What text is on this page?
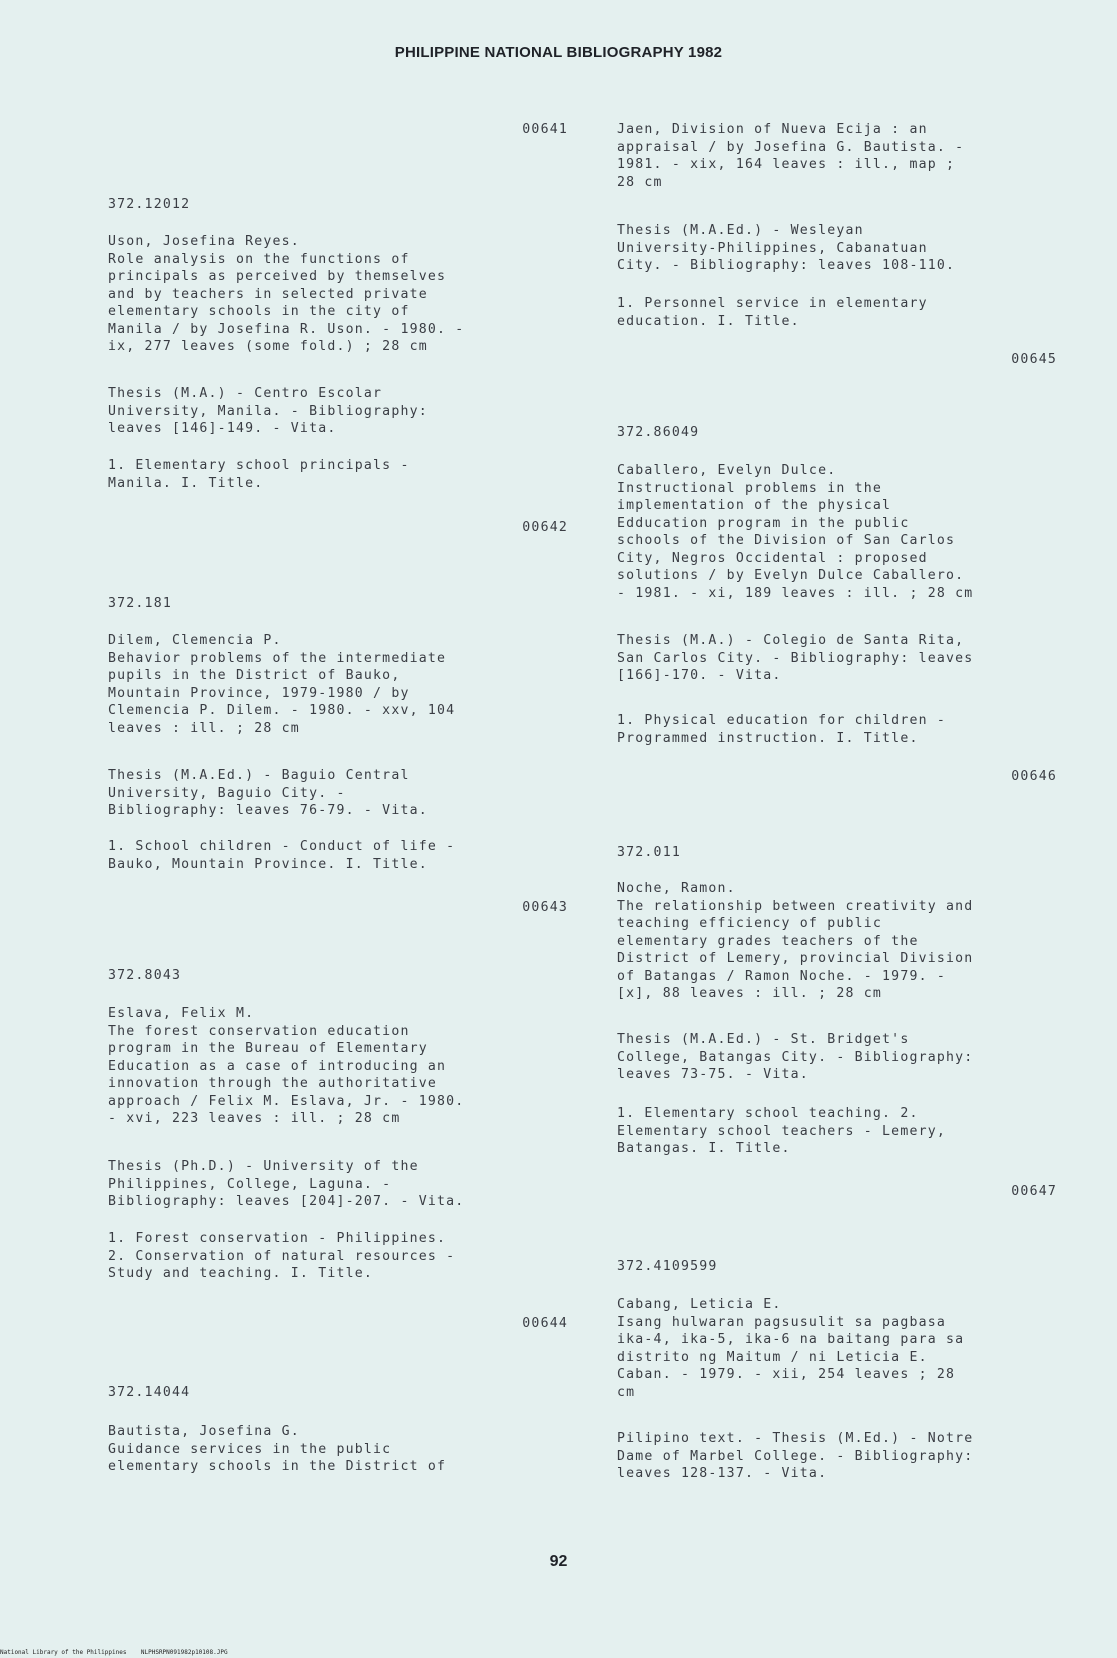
PHILIPPINE NATIONAL BIBLIOGRAPHY 1982
00641
372.12012
Uson, Josefina Reyes.
Role analysis on the functions of
principals as perceived by themselves
and by teachers in selected private
elementary schools in the city of
Manila / by Josefina R. Uson. - 1980. -
ix, 277 leaves (some fold.) ; 28 cm
Thesis (M.A.) - Centro Escolar
University, Manila. - Bibliography:
leaves [146]-149. - Vita.
1. Elementary school principals -
Manila. I. Title.
00642
372.181
Dilem, Clemencia P.
Behavior problems of the intermediate
pupils in the District of Bauko,
Mountain Province, 1979-1980 / by
Clemencia P. Dilem. - 1980. - xxv, 104
leaves : ill. ; 28 cm
Thesis (M.A.Ed.) - Baguio Central
University, Baguio City. -
Bibliography: leaves 76-79. - Vita.
1. School children - Conduct of life -
Bauko, Mountain Province. I. Title.
00643
372.8043
Eslava, Felix M.
The forest conservation education
program in the Bureau of Elementary
Education as a case of introducing an
innovation through the authoritative
approach / Felix M. Eslava, Jr. - 1980.
- xvi, 223 leaves : ill. ; 28 cm
Thesis (Ph.D.) - University of the
Philippines, College, Laguna. -
Bibliography: leaves [204]-207. - Vita.
1. Forest conservation - Philippines.
2. Conservation of natural resources -
Study and teaching. I. Title.
00644
372.14044
Bautista, Josefina G.
Guidance services in the public
elementary schools in the District of
Jaen, Division of Nueva Ecija : an
appraisal / by Josefina G. Bautista. -
1981. - xix, 164 leaves : ill., map ;
28 cm
Thesis (M.A.Ed.) - Wesleyan
University-Philippines, Cabanatuan
City. - Bibliography: leaves 108-110.
1. Personnel service in elementary
education. I. Title.
00645
372.86049
Caballero, Evelyn Dulce.
Instructional problems in the
implementation of the physical
Edducation program in the public
schools of the Division of San Carlos
City, Negros Occidental : proposed
solutions / by Evelyn Dulce Caballero.
- 1981. - xi, 189 leaves : ill. ; 28 cm
Thesis (M.A.) - Colegio de Santa Rita,
San Carlos City. - Bibliography: leaves
[166]-170. - Vita.
1. Physical education for children -
Programmed instruction. I. Title.
00646
372.011
Noche, Ramon.
The relationship between creativity and
teaching efficiency of public
elementary grades teachers of the
District of Lemery, provincial Division
of Batangas / Ramon Noche. - 1979. -
[x], 88 leaves : ill. ; 28 cm
Thesis (M.A.Ed.) - St. Bridget's
College, Batangas City. - Bibliography:
leaves 73-75. - Vita.
1. Elementary school teaching. 2.
Elementary school teachers - Lemery,
Batangas. I. Title.
00647
372.4109599
Cabang, Leticia E.
Isang hulwaran pagsusulit sa pagbasa
ika-4, ika-5, ika-6 na baitang para sa
distrito ng Maitum / ni Leticia E.
Caban. - 1979. - xii, 254 leaves ; 28
cm
Pilipino text. - Thesis (M.Ed.) - Notre
Dame of Marbel College. - Bibliography:
leaves 128-137. - Vita.
92
National Library of the Philippines    NLPHSRPN091982p10108.JPG
